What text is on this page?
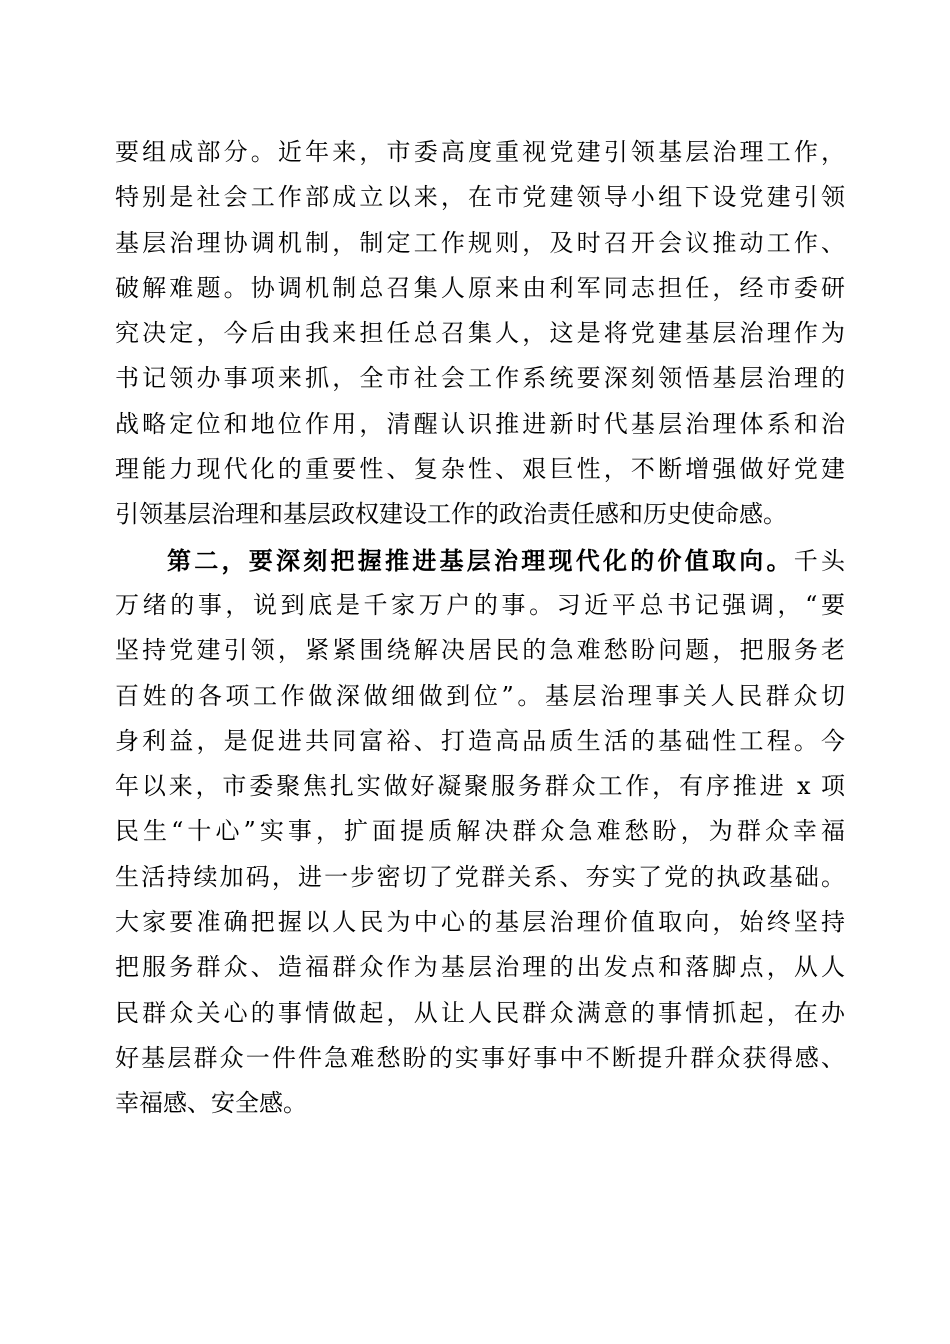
要组成部分。近年来，市委高度重视党建引领基层治理工作，
特别是社会工作部成立以来，在市党建领导小组下设党建引领
基层治理协调机制，制定工作规则，及时召开会议推动工作、
破解难题。协调机制总召集人原来由利军同志担任，经市委研
究决定，今后由我来担任总召集人，这是将党建基层治理作为
书记领办事项来抓，全市社会工作系统要深刻领悟基层治理的
战略定位和地位作用，清醒认识推进新时代基层治理体系和治
理能力现代化的重要性、复杂性、艰巨性，不断增强做好党建
引领基层治理和基层政权建设工作的政治责任感和历史使命感。
第二，要深刻把握推进基层治理现代化的价值取向。千头
万绪的事，说到底是千家万户的事。习近平总书记强调，“要
坚持党建引领，紧紧围绕解决居民的急难愁盼问题，把服务老
百姓的各项工作做深做细做到位”。基层治理事关人民群众切
身利益，是促进共同富裕、打造高品质生活的基础性工程。今
年以来，市委聚焦扎实做好凝聚服务群众工作，有序推进 x 项
民生“十心”实事，扩面提质解决群众急难愁盼，为群众幸福
生活持续加码，进一步密切了党群关系、夯实了党的执政基础。
大家要准确把握以人民为中心的基层治理价值取向，始终坚持
把服务群众、造福群众作为基层治理的出发点和落脚点，从人
民群众关心的事情做起，从让人民群众满意的事情抓起，在办
好基层群众一件件急难愁盼的实事好事中不断提升群众获得感、
幸福感、安全感。
